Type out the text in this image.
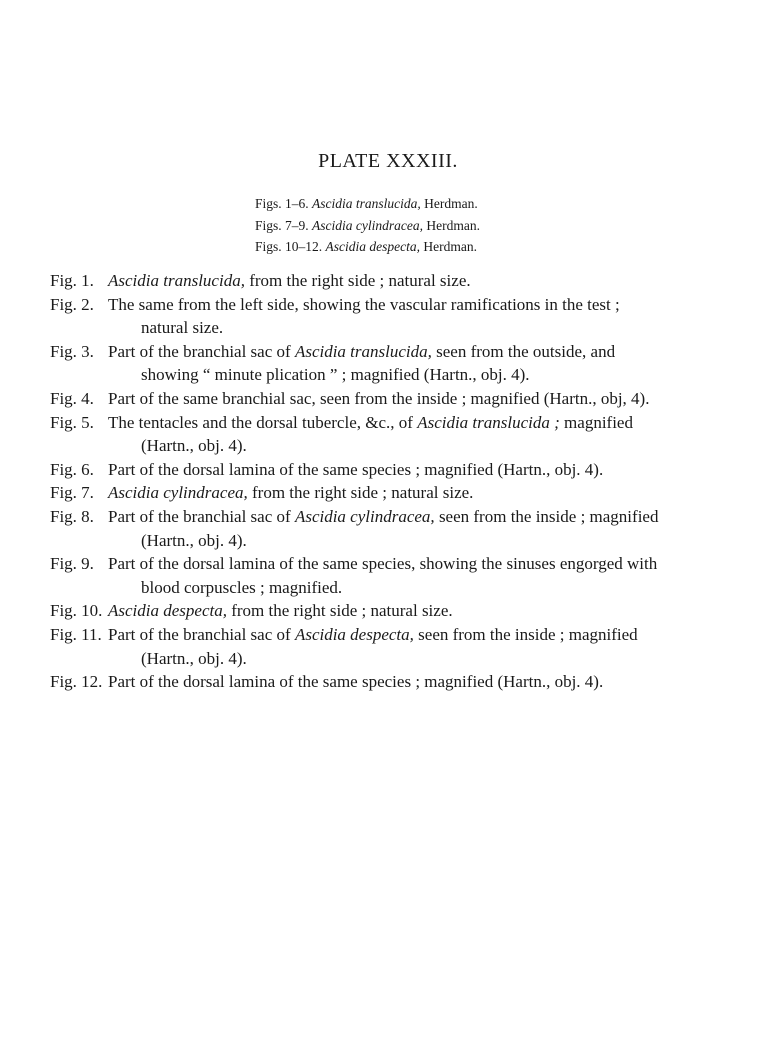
PLATE XXXIII.
Figs. 1–6. Ascidia translucida, Herdman.
Figs. 7–9. Ascidia cylindracea, Herdman.
Figs. 10–12. Ascidia despecta, Herdman.
Fig. 1. Ascidia translucida, from the right side ; natural size.
Fig. 2. The same from the left side, showing the vascular ramifications in the test ;
natural size.
Fig. 3. Part of the branchial sac of Ascidia translucida, seen from the outside, and
showing “ minute plication ” ; magnified (Hartn., obj. 4).
Fig. 4. Part of the same branchial sac, seen from the inside ; magnified (Hartn., obj, 4).
Fig. 5. The tentacles and the dorsal tubercle, &c., of Ascidia translucida ; magnified
(Hartn., obj. 4).
Fig. 6. Part of the dorsal lamina of the same species ; magnified (Hartn., obj. 4).
Fig. 7. Ascidia cylindracea, from the right side ; natural size.
Fig. 8. Part of the branchial sac of Ascidia cylindracea, seen from the inside ; magnified
(Hartn., obj. 4).
Fig. 9. Part of the dorsal lamina of the same species, showing the sinuses engorged with
blood corpuscles ; magnified.
Fig. 10. Ascidia despecta, from the right side ; natural size.
Fig. 11. Part of the branchial sac of Ascidia despecta, seen from the inside ; magnified
(Hartn., obj. 4).
Fig. 12. Part of the dorsal lamina of the same species ; magnified (Hartn., obj. 4).
